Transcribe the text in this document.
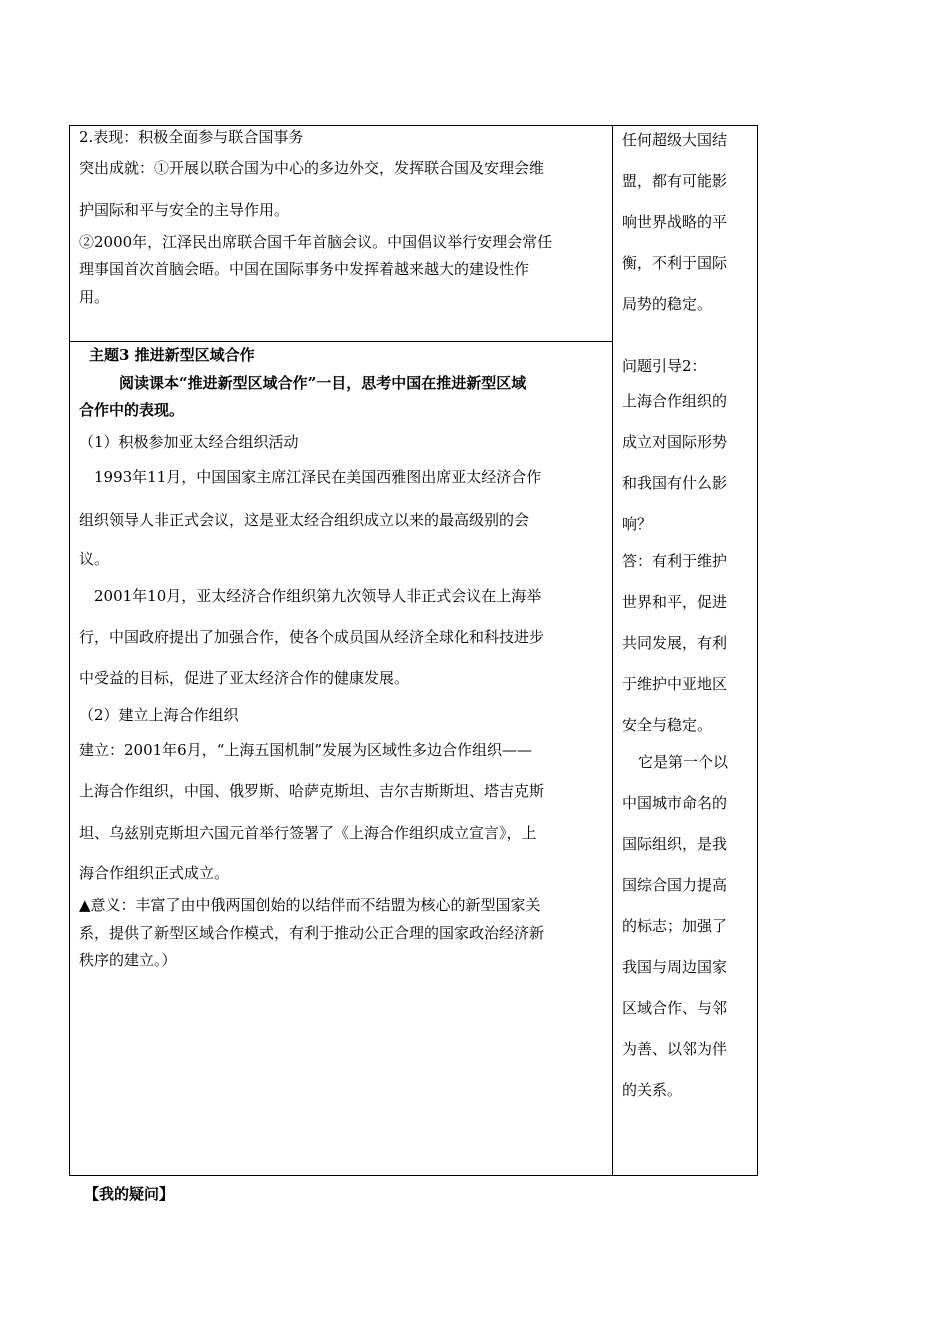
2.表现：积极全面参与联合国事务
突出成就：①开展以联合国为中心的多边外交，发挥联合国及安理会维
护国际和平与安全的主导作用。
②2000年，江泽民出席联合国千年首脑会议。中国倡议举行安理会常任
理事国首次首脑会晤。中国在国际事务中发挥着越来越大的建设性作
用。
主题3 推进新型区域合作
阅读课本“推进新型区域合作”一目，思考中国在推进新型区域
合作中的表现。
（1）积极参加亚太经合组织活动
1993年11月，中国国家主席江泽民在美国西雅图出席亚太经济合作
组织领导人非正式会议，这是亚太经合组织成立以来的最高级别的会
议。
2001年10月，亚太经济合作组织第九次领导人非正式会议在上海举
行，中国政府提出了加强合作，使各个成员国从经济全球化和科技进步
中受益的目标，促进了亚太经济合作的健康发展。
（2）建立上海合作组织
建立：2001年6月，“上海五国机制”发展为区域性多边合作组织——
上海合作组织，中国、俄罗斯、哈萨克斯坦、吉尔吉斯斯坦、塔吉克斯
坦、乌兹别克斯坦六国元首举行签署了《上海合作组织成立宣言》，上
海合作组织正式成立。
▲意义：丰富了由中俄两国创始的以结伴而不结盟为核心的新型国家关
系，提供了新型区域合作模式，有利于推动公正合理的国家政治经济新
秩序的建立。）
任何超级大国结
盟，都有可能影
响世界战略的平
衡，不利于国际
局势的稳定。
问题引导2：
上海合作组织的
成立对国际形势
和我国有什么影
响？
答：有利于维护
世界和平，促进
共同发展，有利
于维护中亚地区
安全与稳定。
它是第一个以
中国城市命名的
国际组织，是我
国综合国力提高
的标志；加强了
我国与周边国家
区域合作、与邻
为善、以邻为伴
的关系。
【我的疑问】
